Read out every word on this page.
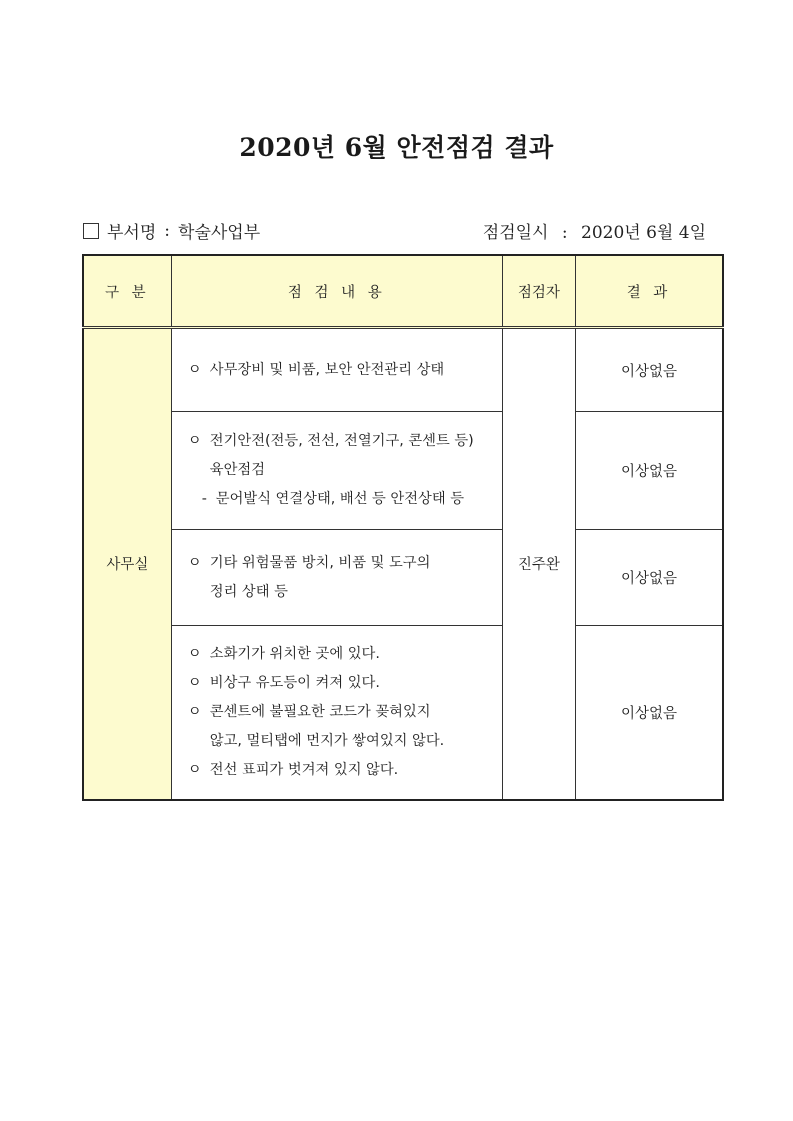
2020년 6월 안전점검 결과
부서명 : 학술사업부	점검일시 : 2020년 6월 4일
구 분	점 검 내 용	점검자	결 과
사무실	ㅇ 사무장비 및 비품, 보안 안전관리 상태	진주완	이상없음

	ㅇ 전기안전(전등, 전선, 전열기구, 콘센트 등)
육안점검
- 문어발식 연결상태, 배선 등 안전상태 등		이상없음

	ㅇ 기타 위험물품 방치, 비품 및 도구의
정리 상태 등		이상없음

	ㅇ 소화기가 위치한 곳에 있다.
ㅇ 비상구 유도등이 켜져 있다.
ㅇ 콘센트에 불필요한 코드가 꽂혀있지
않고, 멀티탭에 먼지가 쌓여있지 않다.
ㅇ 전선 표피가 벗겨져 있지 않다.		이상없음
